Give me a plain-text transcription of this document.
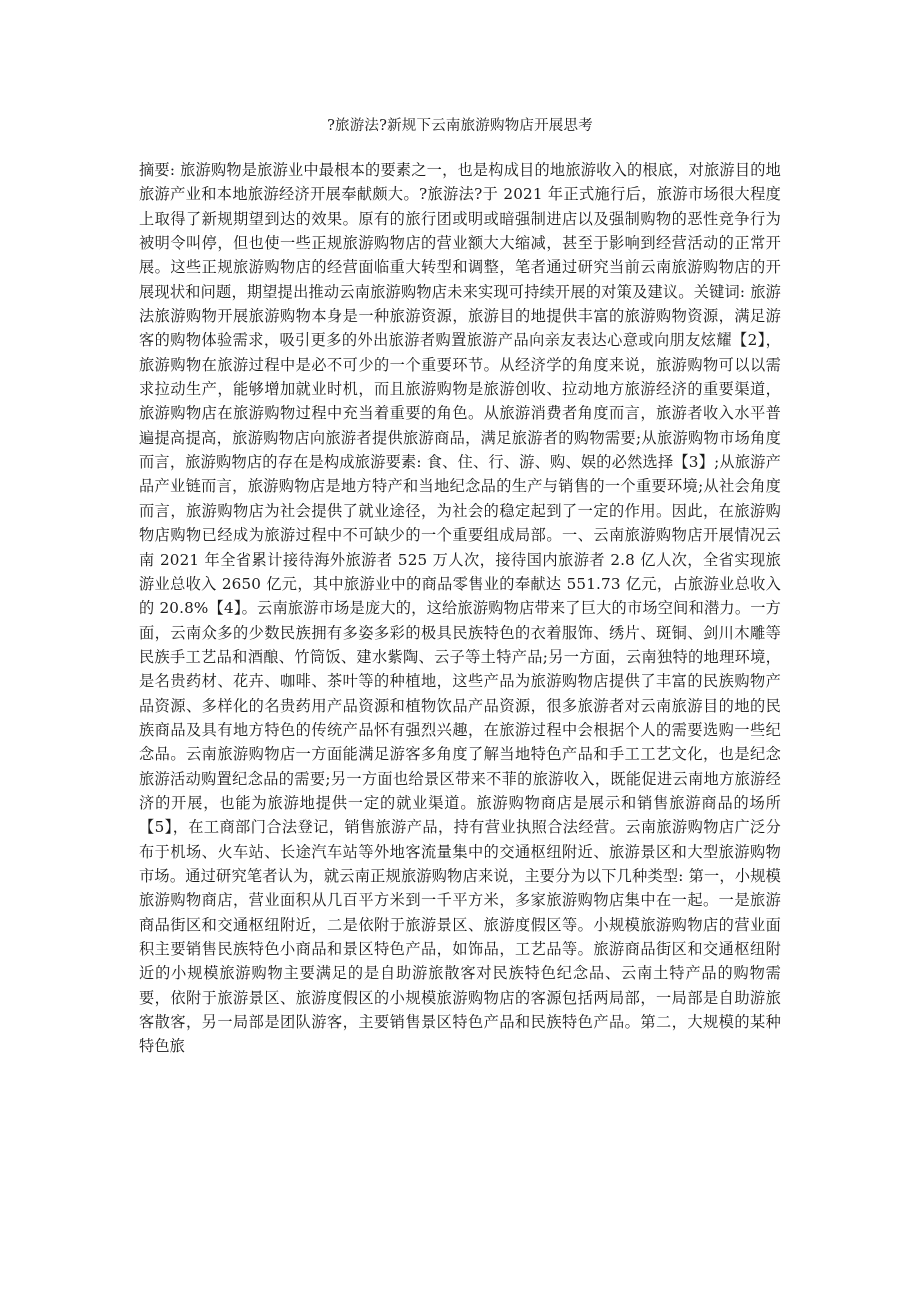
?旅游法?新规下云南旅游购物店开展思考

摘要: 旅游购物是旅游业中最根本的要素之一，也是构成目的地旅游收入的根底，对旅游目的地旅游产业和本地旅游经济开展奉献颇大。?旅游法?于 2021 年正式施行后，旅游市场很大程度上取得了新规期望到达的效果。原有的旅行团或明或暗强制进店以及强制购物的恶性竞争行为被明令叫停，但也使一些正规旅游购物店的营业额大大缩减，甚至于影响到经营活动的正常开展。这些正规旅游购物店的经营面临重大转型和调整，笔者通过研究当前云南旅游购物店的开展现状和问题，期望提出推动云南旅游购物店未来实现可持续开展的对策及建议。关键词: 旅游法旅游购物开展旅游购物本身是一种旅游资源，旅游目的地提供丰富的旅游购物资源，满足游客的购物体验需求，吸引更多的外出旅游者购置旅游产品向亲友表达心意或向朋友炫耀【2】，旅游购物在旅游过程中是必不可少的一个重要环节。从经济学的角度来说，旅游购物可以以需求拉动生产，能够增加就业时机，而且旅游购物是旅游创收、拉动地方旅游经济的重要渠道，旅游购物店在旅游购物过程中充当着重要的角色。从旅游消费者角度而言，旅游者收入水平普遍提高提高，旅游购物店向旅游者提供旅游商品，满足旅游者的购物需要;从旅游购物市场角度而言，旅游购物店的存在是构成旅游要素: 食、住、行、游、购、娱的必然选择【3】;从旅游产品产业链而言，旅游购物店是地方特产和当地纪念品的生产与销售的一个重要环境;从社会角度而言，旅游购物店为社会提供了就业途径，为社会的稳定起到了一定的作用。因此，在旅游购物店购物已经成为旅游过程中不可缺少的一个重要组成局部。一、云南旅游购物店开展情况云南 2021 年全省累计接待海外旅游者 525 万人次，接待国内旅游者 2.8 亿人次，全省实现旅游业总收入 2650 亿元，其中旅游业中的商品零售业的奉献达 551.73 亿元，占旅游业总收入的 20.8%【4】。云南旅游市场是庞大的，这给旅游购物店带来了巨大的市场空间和潜力。一方面，云南众多的少数民族拥有多姿多彩的极具民族特色的衣着服饰、绣片、斑铜、剑川木雕等民族手工艺品和酒酿、竹筒饭、建水紫陶、云子等土特产品;另一方面，云南独特的地理环境，是名贵药材、花卉、咖啡、茶叶等的种植地，这些产品为旅游购物店提供了丰富的民族购物产品资源、多样化的名贵药用产品资源和植物饮品产品资源，很多旅游者对云南旅游目的地的民族商品及具有地方特色的传统产品怀有强烈兴趣，在旅游过程中会根据个人的需要选购一些纪念品。云南旅游购物店一方面能满足游客多角度了解当地特色产品和手工工艺文化，也是纪念旅游活动购置纪念品的需要;另一方面也给景区带来不菲的旅游收入，既能促进云南地方旅游经济的开展，也能为旅游地提供一定的就业渠道。旅游购物商店是展示和销售旅游商品的场所【5】，在工商部门合法登记，销售旅游产品，持有营业执照合法经营。云南旅游购物店广泛分布于机场、火车站、长途汽车站等外地客流量集中的交通枢纽附近、旅游景区和大型旅游购物市场。通过研究笔者认为，就云南正规旅游购物店来说，主要分为以下几种类型: 第一，小规模旅游购物商店，营业面积从几百平方米到一千平方米，多家旅游购物店集中在一起。一是旅游商品街区和交通枢纽附近，二是依附于旅游景区、旅游度假区等。小规模旅游购物店的营业面积主要销售民族特色小商品和景区特色产品，如饰品，工艺品等。旅游商品街区和交通枢纽附近的小规模旅游购物主要满足的是自助游旅散客对民族特色纪念品、云南土特产品的购物需要，依附于旅游景区、旅游度假区的小规模旅游购物店的客源包括两局部，一局部是自助游旅客散客，另一局部是团队游客，主要销售景区特色产品和民族特色产品。第二，大规模的某种特色旅
